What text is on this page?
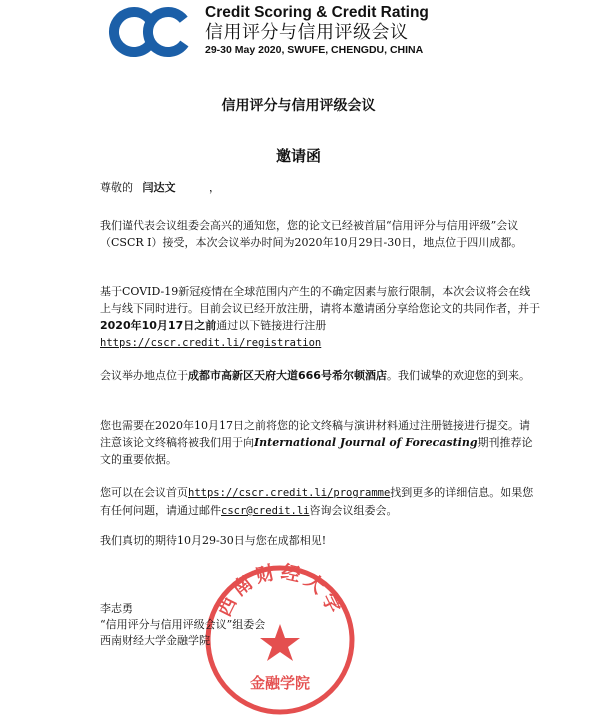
Credit Scoring & Credit Rating
信用评分与信用评级会议
29-30 May 2020, SWUFE, CHENGDU, CHINA
信用评分与信用评级会议
邀请函
尊敬的 闫达文	，
我们谨代表会议组委会高兴的通知您，您的论文已经被首届“信用评分与信用评级”会议（CSCR I）接受，本次会议举办时间为2020年10月29日-30日，地点位于四川成都。
基于COVID-19新冠疫情在全球范围内产生的不确定因素与旅行限制，本次会议将会在线上与线下同时进行。目前会议已经开放注册，请将本邀请函分享给您论文的共同作者，并于2020年10月17日之前通过以下链接进行注册
https://cscr.credit.li/registration
会议举办地点位于成都市高新区天府大道666号希尔顿酒店。我们诚挚的欢迎您的到来。
您也需要在2020年10月17日之前将您的论文终稿与演讲材料通过注册链接进行提交。请注意该论文终稿将被我们用于向International Journal of Forecasting期刊推荐论文的重要依据。
您可以在会议首页https://cscr.credit.li/programme找到更多的详细信息。如果您有任何问题，请通过邮件cscr@credit.li咨询会议组委会。
我们真切的期待10月29-30日与您在成都相见!
西南财经大学
金融学院
李志勇
“信用评分与信用评级会议”组委会
西南财经大学金融学院
